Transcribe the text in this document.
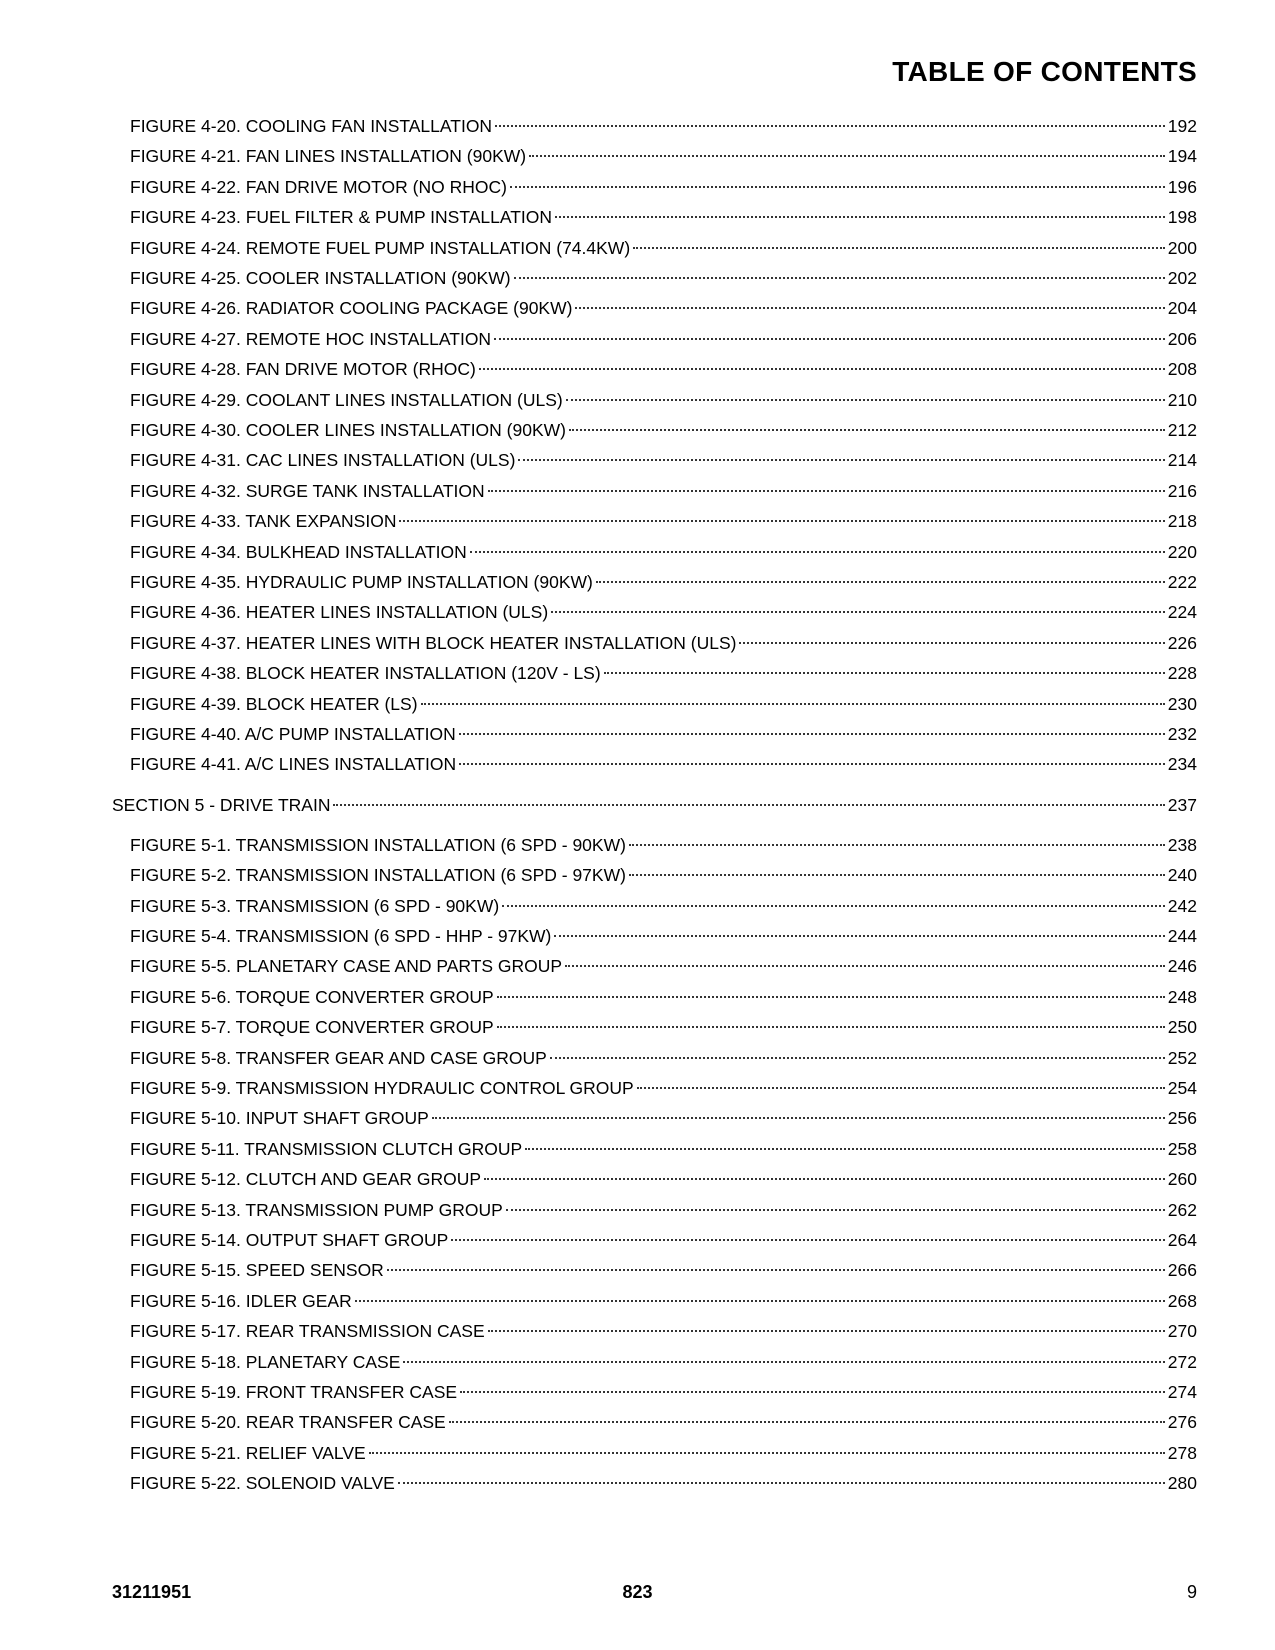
TABLE OF CONTENTS
FIGURE 4-20. COOLING FAN INSTALLATION	192
FIGURE 4-21. FAN LINES INSTALLATION (90KW)	194
FIGURE 4-22. FAN DRIVE MOTOR (NO RHOC)	196
FIGURE 4-23. FUEL FILTER & PUMP INSTALLATION	198
FIGURE 4-24. REMOTE FUEL PUMP INSTALLATION (74.4KW)	200
FIGURE 4-25. COOLER INSTALLATION (90KW)	202
FIGURE 4-26. RADIATOR COOLING PACKAGE (90KW)	204
FIGURE 4-27. REMOTE HOC INSTALLATION	206
FIGURE 4-28. FAN DRIVE MOTOR (RHOC)	208
FIGURE 4-29. COOLANT LINES INSTALLATION (ULS)	210
FIGURE 4-30. COOLER LINES INSTALLATION (90KW)	212
FIGURE 4-31. CAC LINES INSTALLATION (ULS)	214
FIGURE 4-32. SURGE TANK INSTALLATION	216
FIGURE 4-33. TANK EXPANSION	218
FIGURE 4-34. BULKHEAD INSTALLATION	220
FIGURE 4-35. HYDRAULIC PUMP INSTALLATION (90KW)	222
FIGURE 4-36. HEATER LINES INSTALLATION (ULS)	224
FIGURE 4-37. HEATER LINES WITH BLOCK HEATER INSTALLATION (ULS)	226
FIGURE 4-38. BLOCK HEATER INSTALLATION (120V - LS)	228
FIGURE 4-39. BLOCK HEATER (LS)	230
FIGURE 4-40. A/C PUMP INSTALLATION	232
FIGURE 4-41. A/C LINES INSTALLATION	234
SECTION 5 - DRIVE TRAIN	237
FIGURE 5-1. TRANSMISSION INSTALLATION (6 SPD - 90KW)	238
FIGURE 5-2. TRANSMISSION INSTALLATION (6 SPD - 97KW)	240
FIGURE 5-3. TRANSMISSION (6 SPD - 90KW)	242
FIGURE 5-4. TRANSMISSION (6 SPD - HHP - 97KW)	244
FIGURE 5-5. PLANETARY CASE AND PARTS GROUP	246
FIGURE 5-6. TORQUE CONVERTER GROUP	248
FIGURE 5-7. TORQUE CONVERTER GROUP	250
FIGURE 5-8. TRANSFER GEAR AND CASE GROUP	252
FIGURE 5-9. TRANSMISSION HYDRAULIC CONTROL GROUP	254
FIGURE 5-10. INPUT SHAFT GROUP	256
FIGURE 5-11. TRANSMISSION CLUTCH GROUP	258
FIGURE 5-12. CLUTCH AND GEAR GROUP	260
FIGURE 5-13. TRANSMISSION PUMP GROUP	262
FIGURE 5-14. OUTPUT SHAFT GROUP	264
FIGURE 5-15. SPEED SENSOR	266
FIGURE 5-16. IDLER GEAR	268
FIGURE 5-17. REAR TRANSMISSION CASE	270
FIGURE 5-18. PLANETARY CASE	272
FIGURE 5-19. FRONT TRANSFER CASE	274
FIGURE 5-20. REAR TRANSFER CASE	276
FIGURE 5-21. RELIEF VALVE	278
FIGURE 5-22. SOLENOID VALVE	280
31211951	823	9
